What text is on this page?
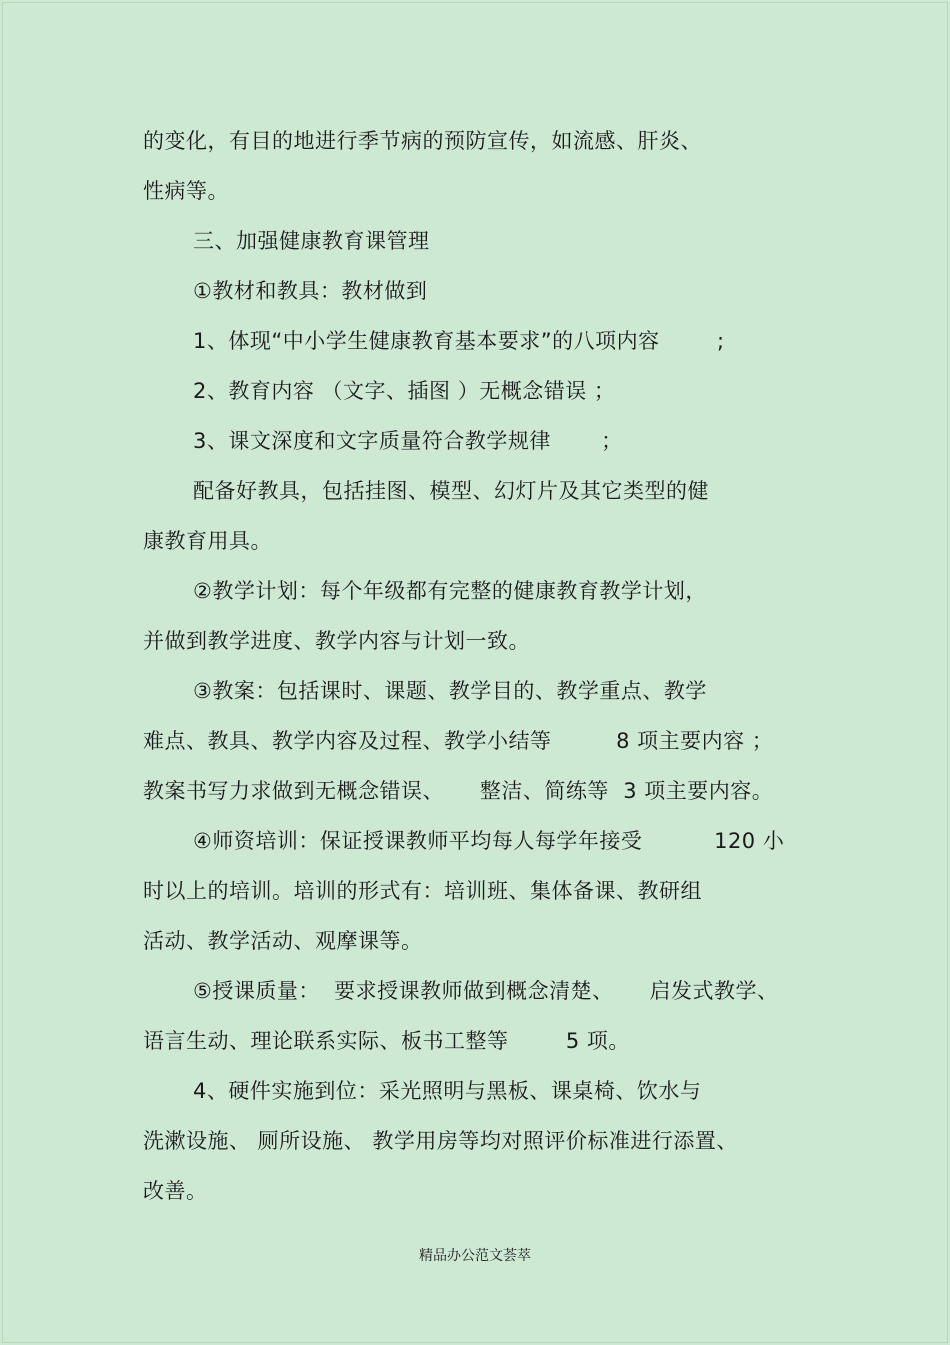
的变化，有目的地进行季节病的预防宣传，如流感、肝炎、
性病等。
三、加强健康教育课管理
①教材和教具：教材做到
1、体现“中小学生健康教育基本要求”的八项内容        ;
2、教育内容 （文字、插图 ）无概念错误 ；
3、课文深度和文字质量符合教学规律       ；
配备好教具，包括挂图、模型、幻灯片及其它类型的健
康教育用具。
②教学计划：每个年级都有完整的健康教育教学计划，
并做到教学进度、教学内容与计划一致。
③教案：包括课时、课题、教学目的、教学重点、教学
难点、教具、教学内容及过程、教学小结等         8 项主要内容 ；
教案书写力求做到无概念错误、     整洁、简练等  3 项主要内容。
④师资培训：保证授课教师平均每人每学年接受          120 小
时以上的培训。培训的形式有：培训班、集体备课、教研组
活动、教学活动、观摩课等。
⑤授课质量：  要求授课教师做到概念清楚、     启发式教学、
语言生动、理论联系实际、板书工整等        5 项。
4、硬件实施到位：采光照明与黑板、课桌椅、饮水与
洗漱设施、 厕所设施、 教学用房等均对照评价标准进行添置、
改善。
精品办公范文荟萃
